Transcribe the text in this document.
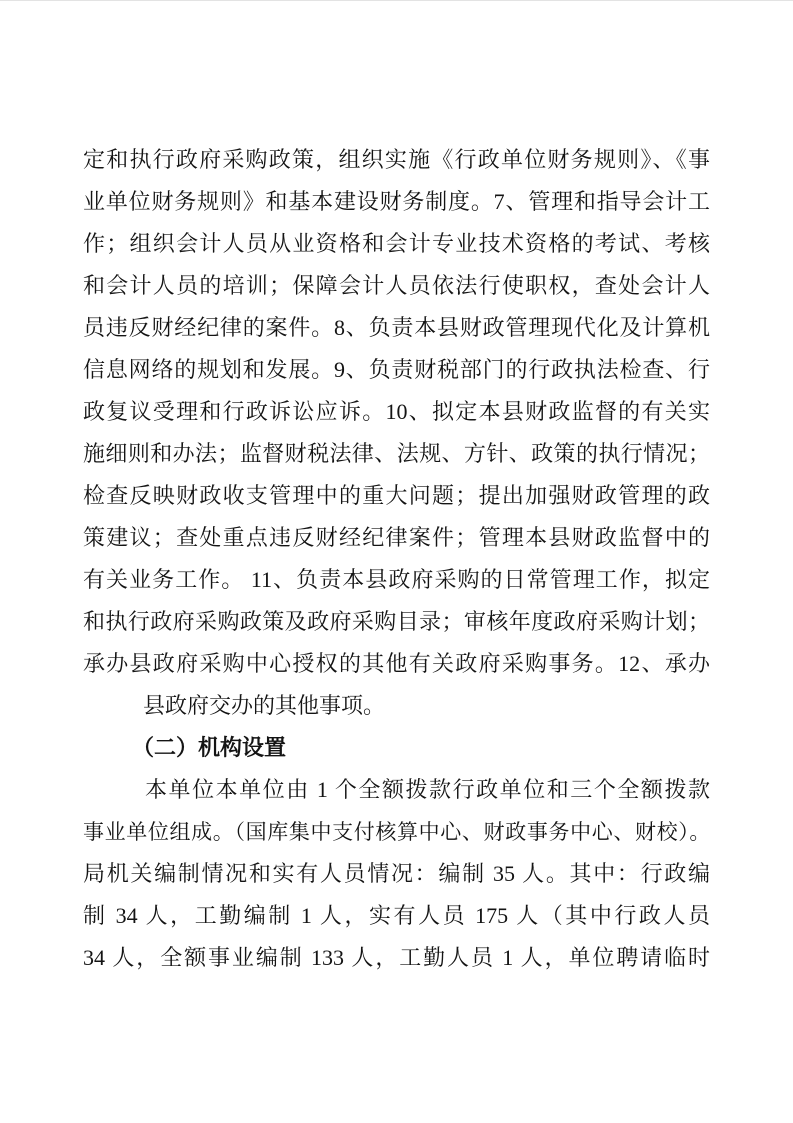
定和执行政府采购政策，组织实施《行政单位财务规则》、《事
业单位财务规则》和基本建设财务制度。7、管理和指导会计工
作；组织会计人员从业资格和会计专业技术资格的考试、考核
和会计人员的培训；保障会计人员依法行使职权，查处会计人
员违反财经纪律的案件。8、负责本县财政管理现代化及计算机
信息网络的规划和发展。9、负责财税部门的行政执法检查、行
政复议受理和行政诉讼应诉。10、拟定本县财政监督的有关实
施细则和办法；监督财税法律、法规、方针、政策的执行情况；
检查反映财政收支管理中的重大问题；提出加强财政管理的政
策建议；查处重点违反财经纪律案件；管理本县财政监督中的
有关业务工作。 11、负责本县政府采购的日常管理工作，拟定
和执行政府采购政策及政府采购目录；审核年度政府采购计划；
承办县政府采购中心授权的其他有关政府采购事务。12、承办
县政府交办的其他事项。
（二）机构设置
本单位本单位由 1 个全额拨款行政单位和三个全额拨款
事业单位组成。（国库集中支付核算中心、财政事务中心、财校）。
局机关编制情况和实有人员情况：编制 35 人。其中：行政编
制 34 人，工勤编制 1 人，实有人员 175 人（其中行政人员
34 人，全额事业编制 133 人，工勤人员 1 人，单位聘请临时
